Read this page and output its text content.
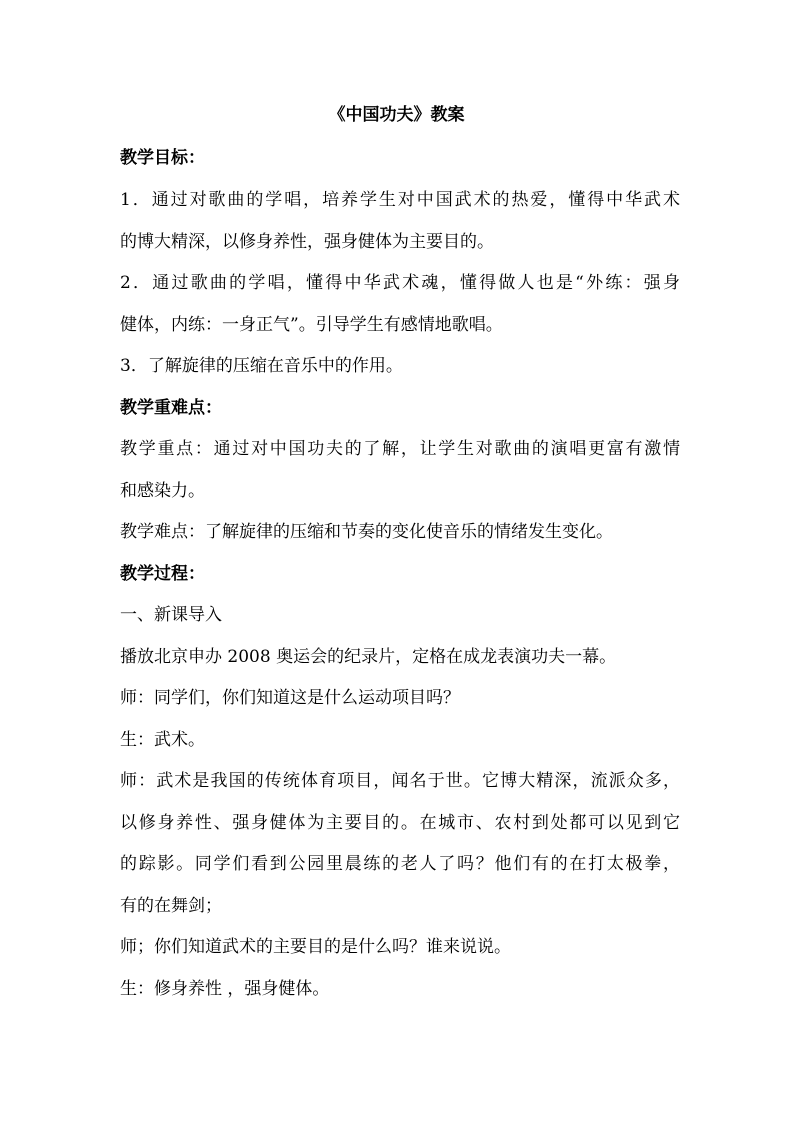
《中国功夫》教案

教学目标：

1．通过对歌曲的学唱，培养学生对中国武术的热爱，懂得中华武术

的博大精深，以修身养性，强身健体为主要目的。

2．通过歌曲的学唱，懂得中华武术魂，懂得做人也是“外练：强身

健体，内练：一身正气”。引导学生有感情地歌唱。

3．了解旋律的压缩在音乐中的作用。

教学重难点：

教学重点：通过对中国功夫的了解，让学生对歌曲的演唱更富有激情

和感染力。

教学难点：了解旋律的压缩和节奏的变化使音乐的情绪发生变化。

教学过程：

一、新课导入

播放北京申办 2008 奥运会的纪录片，定格在成龙表演功夫一幕。

师：同学们，你们知道这是什么运动项目吗？

生：武术。

师：武术是我国的传统体育项目，闻名于世。它博大精深，流派众多，

以修身养性、强身健体为主要目的。在城市、农村到处都可以见到它

的踪影。同学们看到公园里晨练的老人了吗？他们有的在打太极拳，

有的在舞剑；

师；你们知道武术的主要目的是什么吗？谁来说说。

生：修身养性 ，强身健体。
